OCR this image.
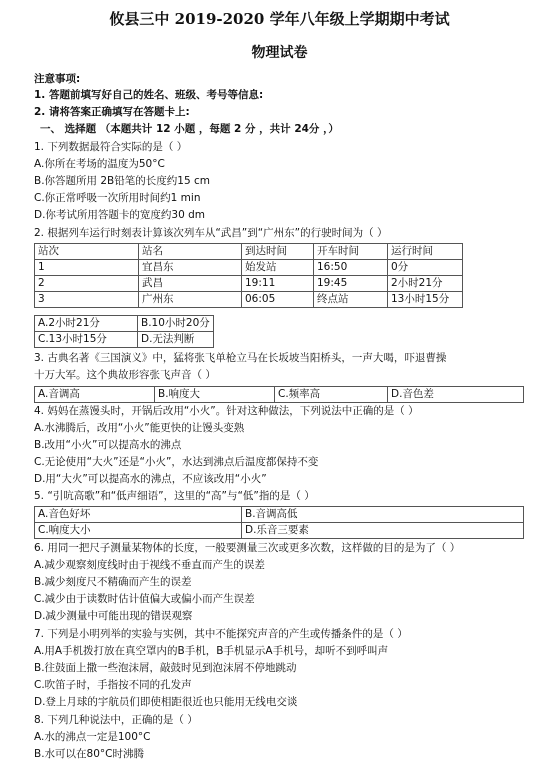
攸县三中 2019-2020 学年八年级上学期期中考试
物理试卷
注意事项:
1. 答题前填写好自己的姓名、班级、考号等信息:
2. 请将答案正确填写在答题卡上:
一、 选择题 （本题共计 12 小题 ，每题 2 分 ，共计 24分 ，）
1. 下列数据最符合实际的是（ ）
A.你所在考场的温度为50°C
B.你答题所用 2B铅笔的长度约15 cm
C.你正常呼吸一次所用时间约1 min
D.你考试所用答题卡的宽度约30 dm
2. 根据列车运行时刻表计算该次列车从“武昌”到“广州东”的行驶时间为（ ）
站次	站名	到达时间	开车时间	运行时间
1	宜昌东	始发站	16:50	0分
2	武昌	19:11	19:45	2小时21分
3	广州东	06:05	终点站	13小时15分
A.2小时21分	B.10小时20分
C.13小时15分	D.无法判断
3. 古典名著《三国演义》中，猛将张飞单枪立马在长坂坡当阳桥头，一声大喝，吓退曹操
十万大军。这个典故形容张飞声音（ ）
A.音调高	B.响度大	C.频率高	D.音色差
4. 妈妈在蒸馒头时，开锅后改用“小火”。针对这种做法，下列说法中正确的是（ ）
A.水沸腾后，改用“小火”能更快的让馒头变熟
B.改用“小火”可以提高水的沸点
C.无论使用“大火”还是“小火”，水达到沸点后温度都保持不变
D.用“大火”可以提高水的沸点，不应该改用“小火”
5. “引吭高歌”和“低声细语”，这里的“高”与“低”指的是（ ）
A.音色好坏	B.音调高低
C.响度大小	D.乐音三要素
6. 用同一把尺子测量某物体的长度，一般要测量三次或更多次数，这样做的目的是为了（ ）
A.减少观察刻度线时由于视线不垂直而产生的误差
B.减少刻度尺不精确而产生的误差
C.减少由于读数时估计值偏大或偏小而产生误差
D.减少测量中可能出现的错误观察
7. 下列是小明列举的实验与实例，其中不能探究声音的产生或传播条件的是（ ）
A.用A手机拨打放在真空罩内的B手机，B手机显示A手机号，却听不到呼叫声
B.往鼓面上撒一些泡沫屑，敲鼓时见到泡沫屑不停地跳动
C.吹笛子时，手指按不同的孔发声
D.登上月球的宇航员们即使相距很近也只能用无线电交谈
8. 下列几种说法中，正确的是（ ）
A.水的沸点一定是100°C
B.水可以在80°C时沸腾
